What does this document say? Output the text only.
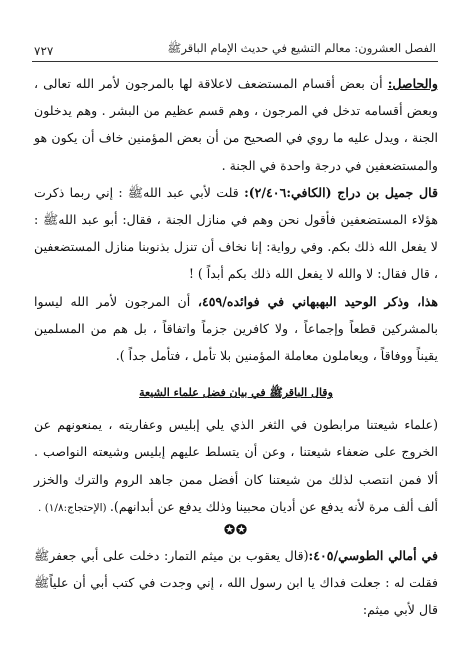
الفصل العشرون: معالم التشيع في حديث الإمام الباقرﷺ
٧٢٧

والحاصل: أن بعض أقسام المستضعف لاعلاقة لها بالمرجون لأمر الله تعالى ، وبعض أقسامه تدخل في المرجون ، وهم قسم عظيم من البشر . وهم يدخلون الجنة ، ويدل عليه ما روي في الصحيح من أن بعض المؤمنين خاف أن يكون هو والمستضعفين في درجة واحدة في الجنة .

قال جميل بن دراج (الكافي:٢/٤٠٦): قلت لأبي عبد اللهﷺ : إني ربما ذكرت هؤلاء المستضعفين فأقول نحن وهم في منازل الجنة ، فقال: أبو عبد اللهﷺ : لا يفعل الله ذلك بكم. وفي رواية: إنا نخاف أن تنزل بذنوبنا منازل المستضعفين ، قال فقال: لا والله لا يفعل الله ذلك بكم أبداً ) !

هذا، وذكر الوحيد البهبهاني في فوائده/٤٥٩، أن المرجون لأمر الله ليسوا بالمشركين قطعاً وإجماعاً ، ولا كافرين جزماً واتفاقاً ، بل هم من المسلمين يقيناً ووفاقاً ، ويعاملون معاملة المؤمنين بلا تأمل ، فتأمل جداً ).

وقال الباقرﷺ في بيان فضل علماء الشيعة

(علماء شيعتنا مرابطون في الثغر الذي يلي إبليس وعفاريته ، يمنعونهم عن الخروج على ضعفاء شيعتنا ، وعن أن يتسلط عليهم إبليس وشيعته النواصب . ألا فمن انتصب لذلك من شيعتنا كان أفضل ممن جاهد الروم والترك والخزر ألف ألف مرة لأنه يدفع عن أديان محبينا وذلك يدفع عن أبدانهم). (الإحتجاج:١/٨) .

✪✪

في أمالي الطوسي/٤٠٥:(قال يعقوب بن ميثم التمار: دخلت على أبي جعفرﷺ فقلت له : جعلت فداك يا ابن رسول الله ، إني وجدت في كتب أبي أن علياًﷺ قال لأبي ميثم:
